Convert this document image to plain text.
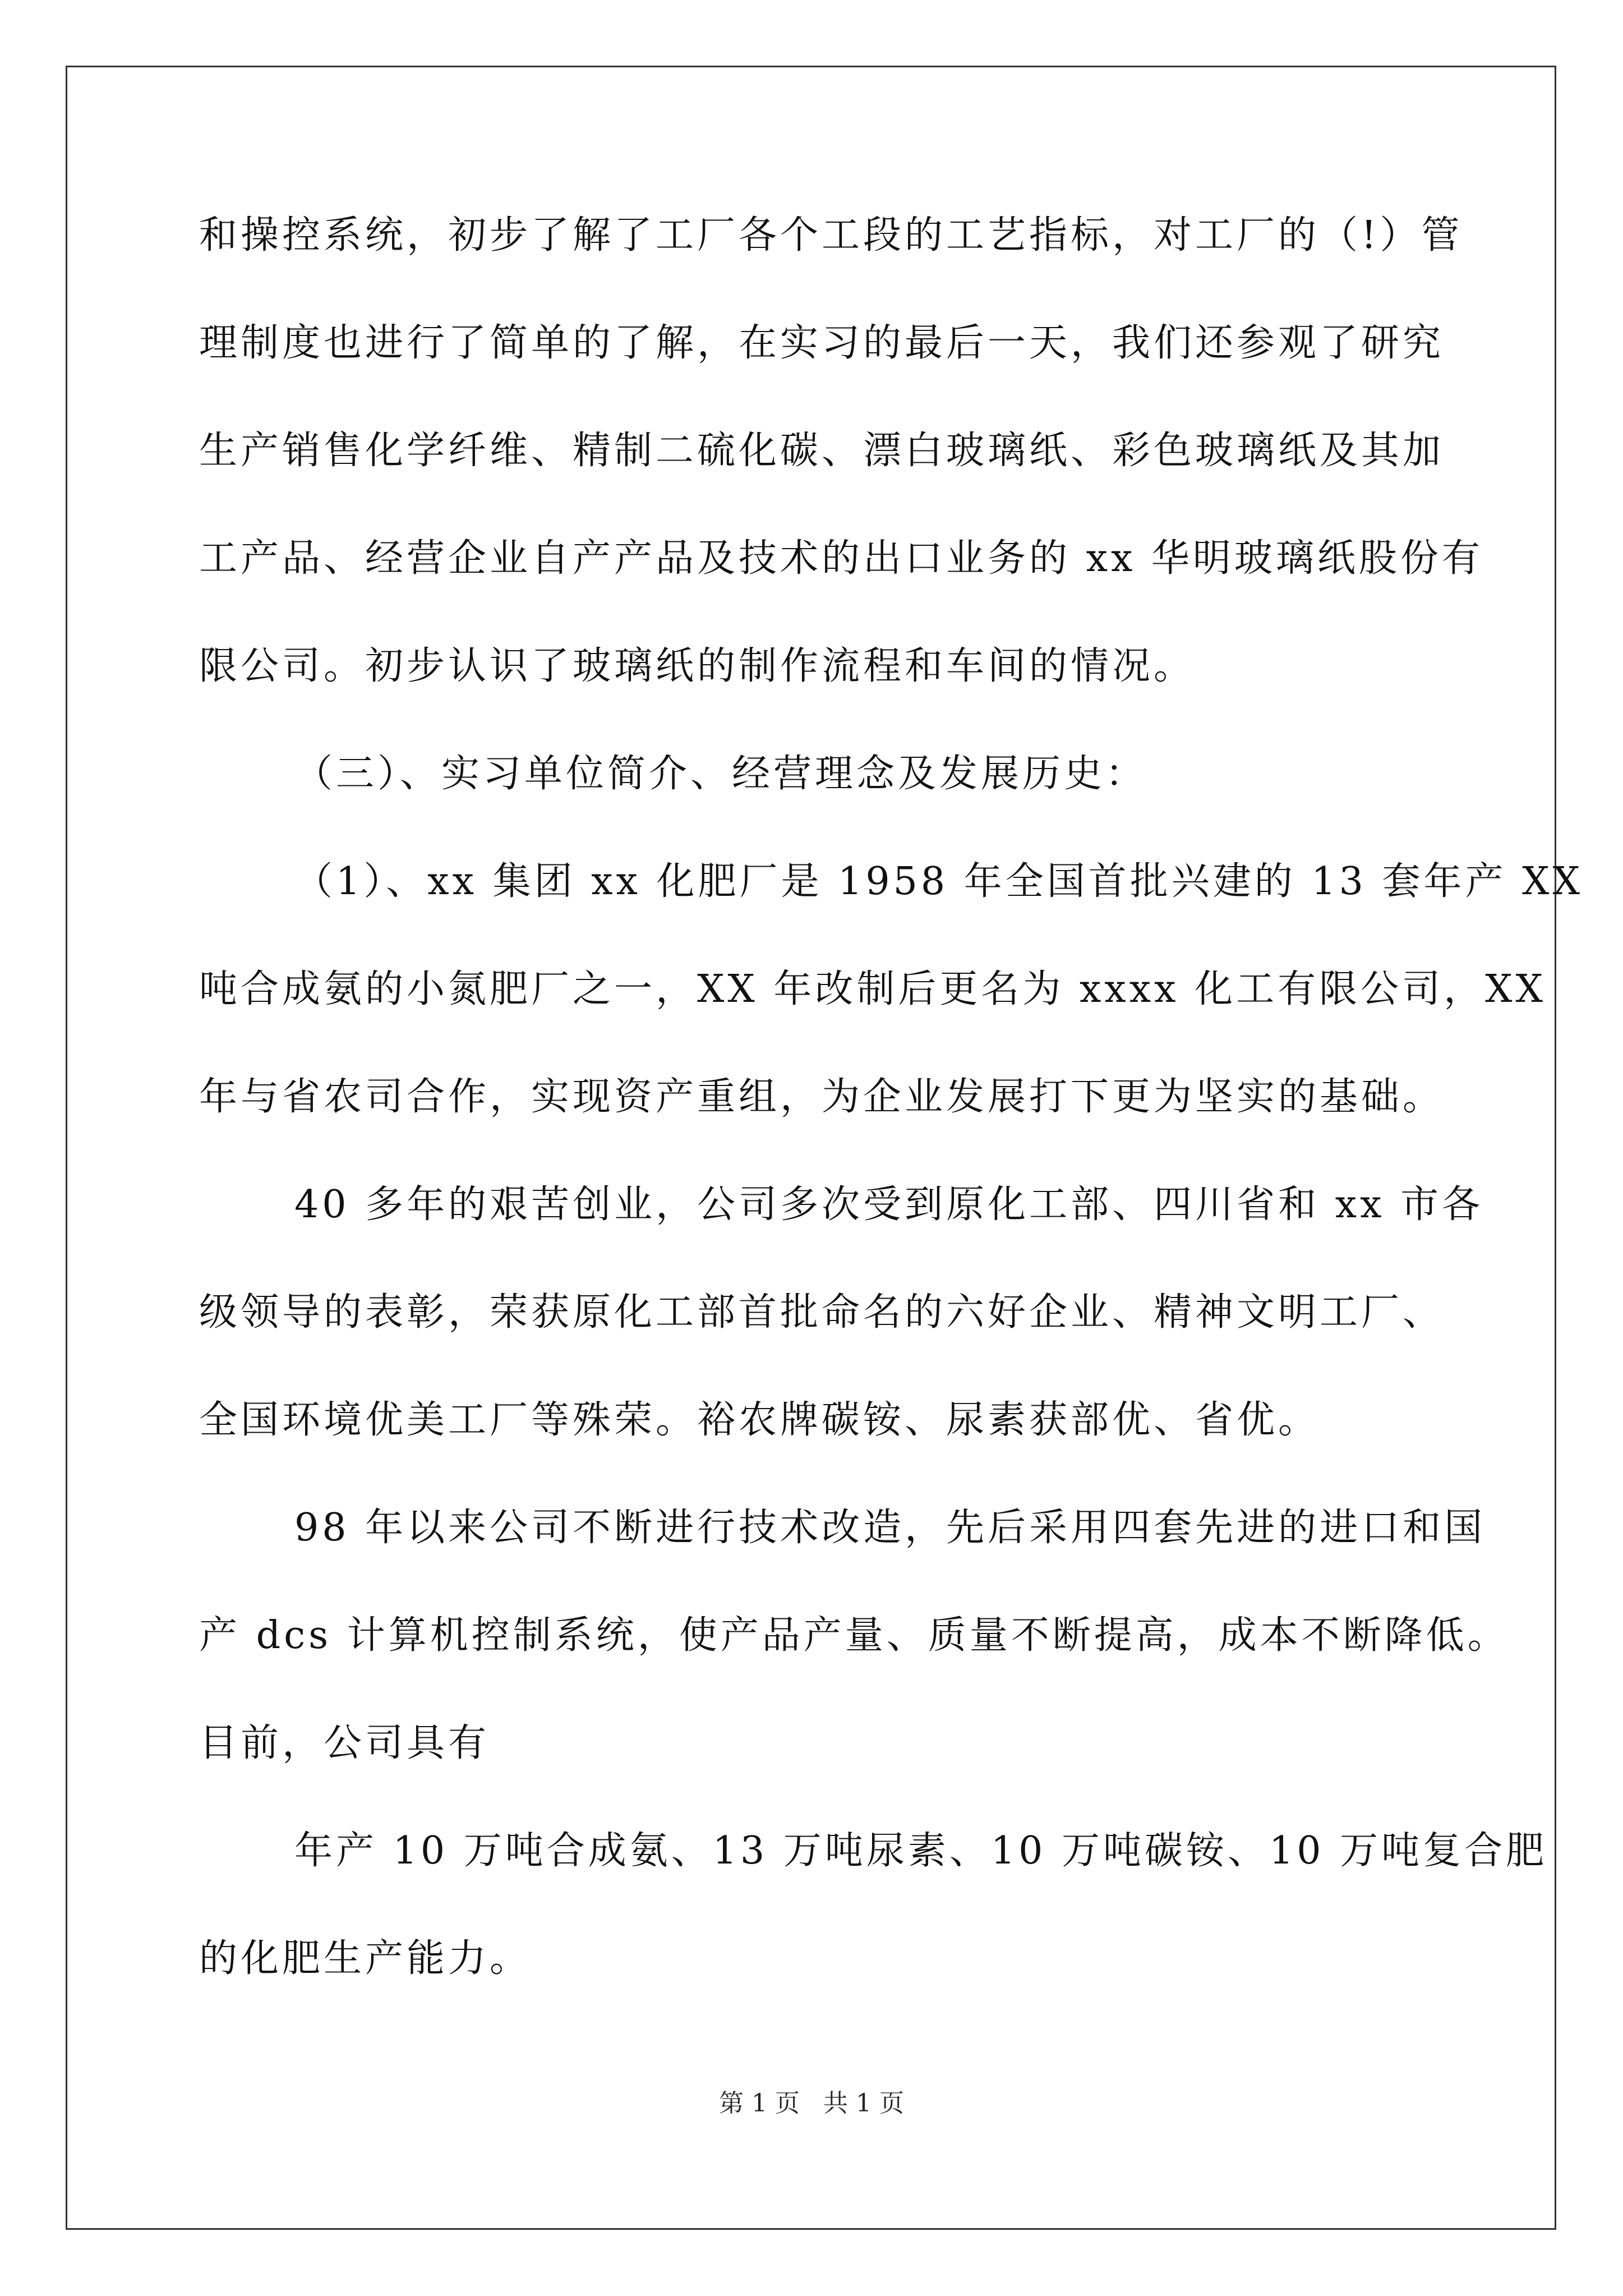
和操控系统，初步了解了工厂各个工段的工艺指标，对工厂的（!）管
理制度也进行了简单的了解，在实习的最后一天，我们还参观了研究
生产销售化学纤维、精制二硫化碳、漂白玻璃纸、彩色玻璃纸及其加
工产品、经营企业自产产品及技术的出口业务的 xx 华明玻璃纸股份有
限公司。初步认识了玻璃纸的制作流程和车间的情况。
（三）、实习单位简介、经营理念及发展历史：
（1）、xx 集团 xx 化肥厂是 1958 年全国首批兴建的 13 套年产 XX
吨合成氨的小氮肥厂之一，XX 年改制后更名为 xxxx 化工有限公司，XX
年与省农司合作，实现资产重组，为企业发展打下更为坚实的基础。
40 多年的艰苦创业，公司多次受到原化工部、四川省和 xx 市各
级领导的表彰，荣获原化工部首批命名的六好企业、精神文明工厂、
全国环境优美工厂等殊荣。裕农牌碳铵、尿素获部优、省优。
98 年以来公司不断进行技术改造，先后采用四套先进的进口和国
产 dcs 计算机控制系统，使产品产量、质量不断提高，成本不断降低。
目前，公司具有
年产 10 万吨合成氨、13 万吨尿素、10 万吨碳铵、10 万吨复合肥
的化肥生产能力。
第 1 页 共 1 页
